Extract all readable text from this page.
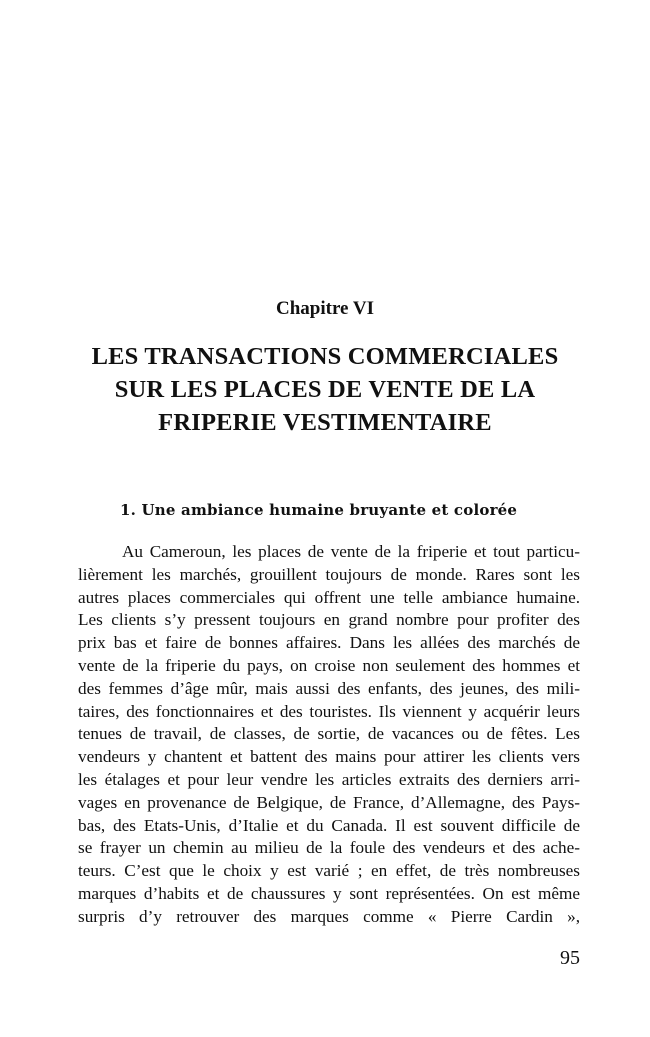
Chapitre VI
LES TRANSACTIONS COMMERCIALES
SUR LES PLACES DE VENTE DE LA
FRIPERIE VESTIMENTAIRE
1. Une ambiance humaine bruyante et colorée
Au Cameroun, les places de vente de la friperie et tout particu-
lièrement les marchés, grouillent toujours de monde. Rares sont les
autres places commerciales qui offrent une telle ambiance humaine.
Les clients s’y pressent toujours en grand nombre pour profiter des
prix bas et faire de bonnes affaires. Dans les allées des marchés de
vente de la friperie du pays, on croise non seulement des hommes et
des femmes d’âge mûr, mais aussi des enfants, des jeunes, des mili-
taires, des fonctionnaires et des touristes. Ils viennent y acquérir leurs
tenues de travail, de classes, de sortie, de vacances ou de fêtes. Les
vendeurs y chantent et battent des mains pour attirer les clients vers
les étalages et pour leur vendre les articles extraits des derniers arri-
vages en provenance de Belgique, de France, d’Allemagne, des Pays-
bas, des Etats-Unis, d’Italie et du Canada. Il est souvent difficile de
se frayer un chemin au milieu de la foule des vendeurs et des ache-
teurs. C’est que le choix y est varié ; en effet, de très nombreuses
marques d’habits et de chaussures y sont représentées. On est même
surpris d’y retrouver des marques comme « Pierre Cardin »,
95
